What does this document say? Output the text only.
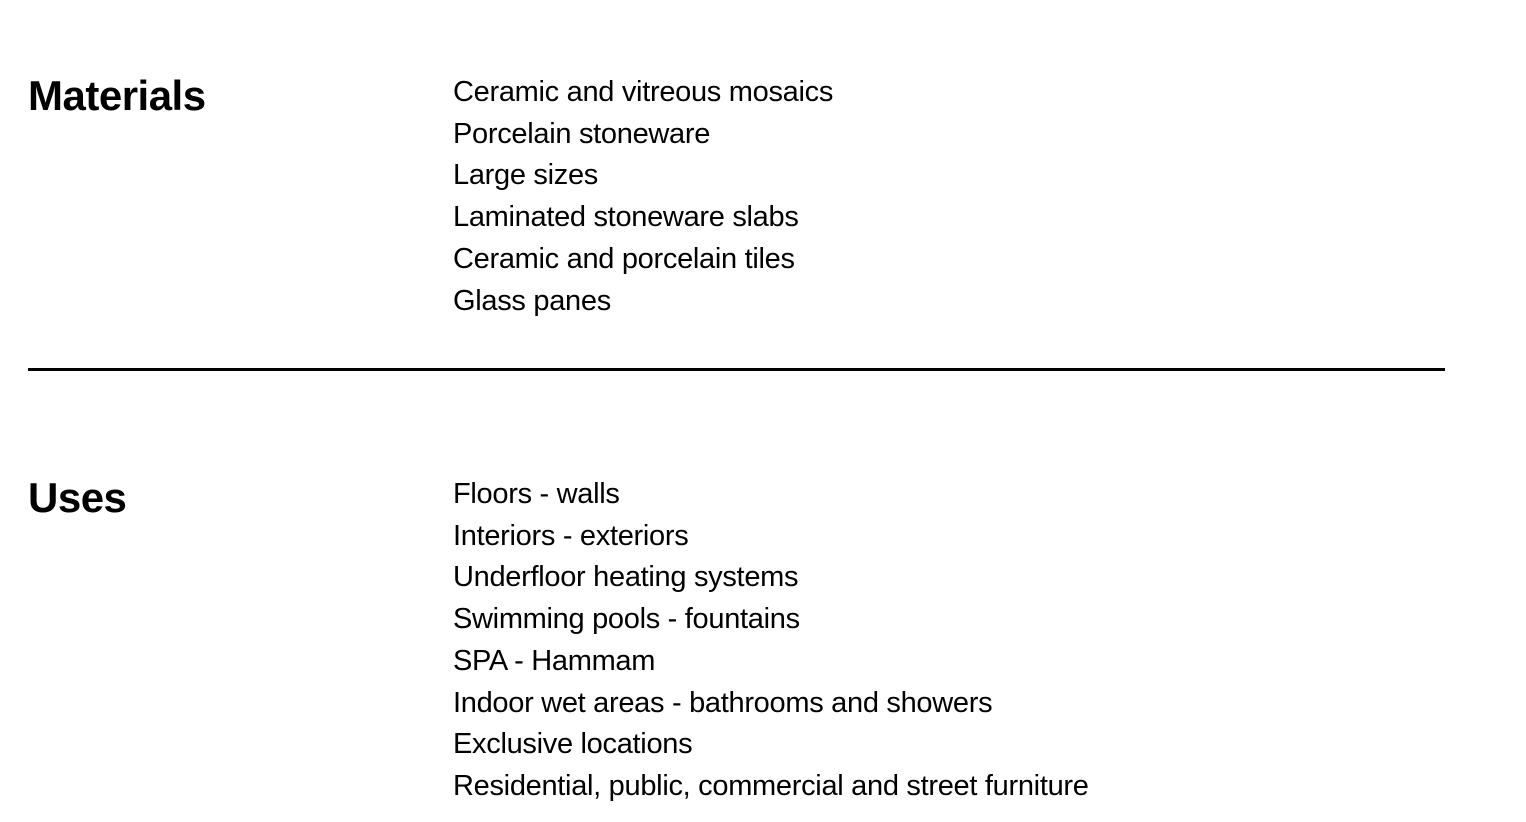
Materials	Ceramic and vitreous mosaics
Porcelain stoneware
Large sizes
Laminated stoneware slabs
Ceramic and porcelain tiles
Glass panes
Uses	Floors - walls
Interiors - exteriors
Underfloor heating systems
Swimming pools - fountains
SPA - Hammam
Indoor wet areas - bathrooms and showers
Exclusive locations
Residential, public, commercial and street furniture
